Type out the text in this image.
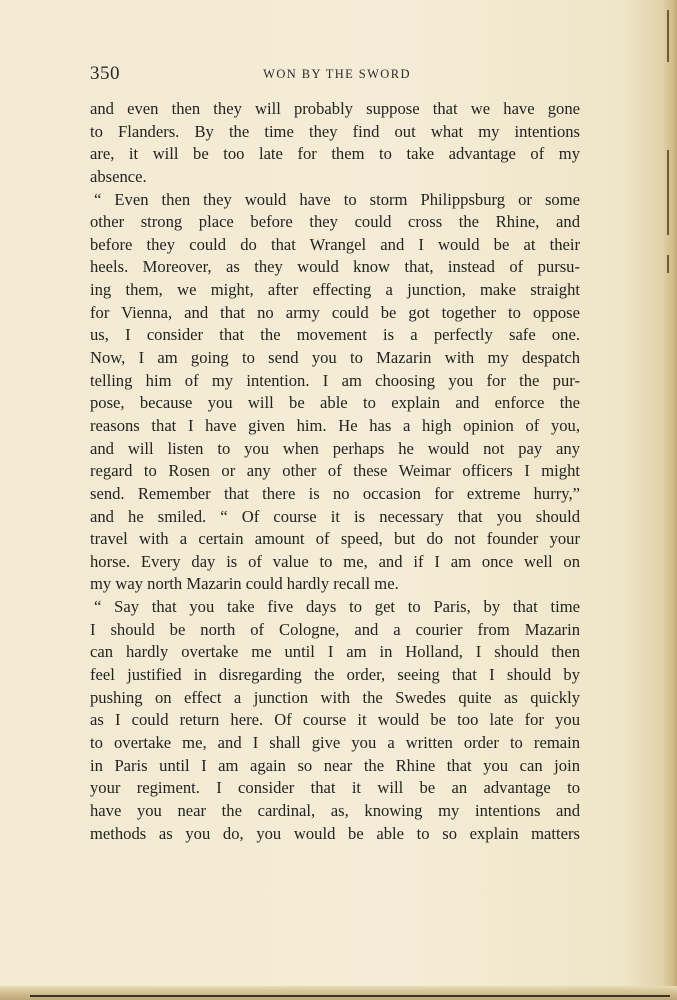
350	WON BY THE SWORD
and even then they will probably suppose that we have gone
to Flanders. By the time they find out what my intentions
are, it will be too late for them to take advantage of my
absence.
“ Even then they would have to storm Philippsburg or some
other strong place before they could cross the Rhine, and
before they could do that Wrangel and I would be at their
heels. Moreover, as they would know that, instead of pursu-
ing them, we might, after effecting a junction, make straight
for Vienna, and that no army could be got together to oppose
us, I consider that the movement is a perfectly safe one.
Now, I am going to send you to Mazarin with my despatch
telling him of my intention. I am choosing you for the pur-
pose, because you will be able to explain and enforce the
reasons that I have given him. He has a high opinion of you,
and will listen to you when perhaps he would not pay any
regard to Rosen or any other of these Weimar officers I might
send. Remember that there is no occasion for extreme hurry,”
and he smiled. “ Of course it is necessary that you should
travel with a certain amount of speed, but do not founder your
horse. Every day is of value to me, and if I am once well on
my way north Mazarin could hardly recall me.
“ Say that you take five days to get to Paris, by that time
I should be north of Cologne, and a courier from Mazarin
can hardly overtake me until I am in Holland, I should then
feel justified in disregarding the order, seeing that I should by
pushing on effect a junction with the Swedes quite as quickly
as I could return here. Of course it would be too late for you
to overtake me, and I shall give you a written order to remain
in Paris until I am again so near the Rhine that you can join
your regiment. I consider that it will be an advantage to
have you near the cardinal, as, knowing my intentions and
methods as you do, you would be able to so explain matters
